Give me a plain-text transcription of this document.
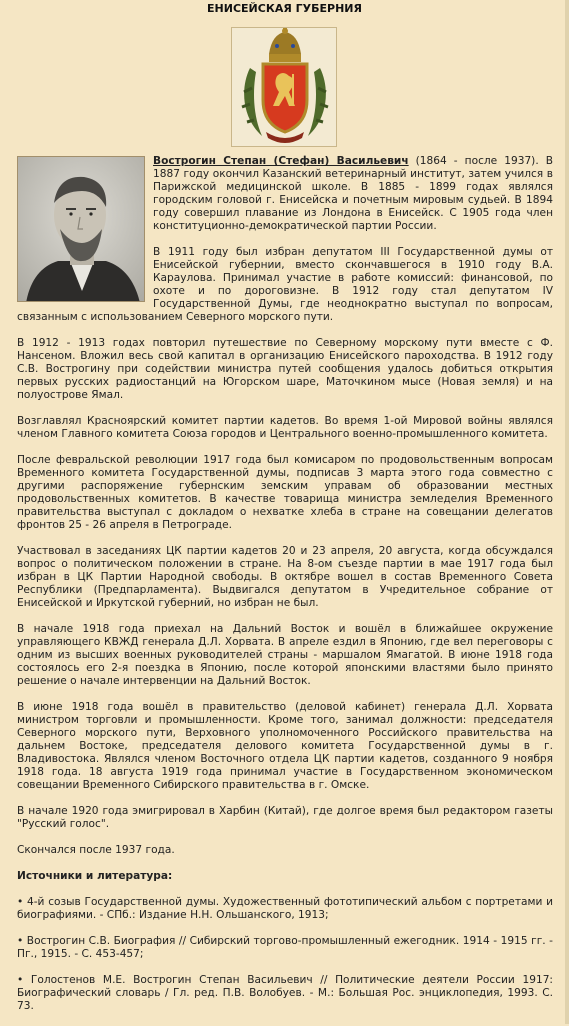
ЕНИСЕЙСКАЯ ГУБЕРНИЯ

Вострогин Степан (Стефан) Васильевич (1864 - после 1937). В 1887 году окончил Казанский ветеринарный институт, затем учился в Парижской медицинской школе. В 1885 - 1899 годах являлся городским головой г. Енисейска и почетным мировым судьей. В 1894 году совершил плавание из Лондона в Енисейск. С 1905 года член конституционно-демократической партии России.

В 1911 году был избран депутатом III Государственной думы от Енисейской губернии, вместо скончавшегося в 1910 году В.А. Караулова. Принимал участие в работе комиссий: финансовой, по охоте и по дороговизне. В 1912 году стал депутатом IV Государственной Думы, где неоднократно выступал по вопросам, связанным с использованием Северного морского пути.

В 1912 - 1913 годах повторил путешествие по Северному морскому пути вместе с Ф. Нансеном. Вложил весь свой капитал в организацию Енисейского пароходства. В 1912 году С.В. Вострогину при содействии министра путей сообщения удалось добиться открытия первых русских радиостанций на Югорском шаре, Маточкином мысе (Новая земля) и на полуострове Ямал.

Возглавлял Красноярский комитет партии кадетов. Во время 1-ой Мировой войны являлся членом Главного комитета Союза городов и Центрального военно-промышленного комитета.

После февральской революции 1917 года был комисаром по продовольственным вопросам Временного комитета Государственной думы, подписав 3 марта этого года совместно с другими распоряжение губернским земским управам об образовании местных продовольственных комитетов. В качестве товарища министра земледелия Временного правительства выступал с докладом о нехватке хлеба в стране на совещании делегатов фронтов 25 - 26 апреля в Петрограде.

Участвовал в заседаниях ЦК партии кадетов 20 и 23 апреля, 20 августа, когда обсуждался вопрос о политическом положении в стране. На 8-ом съезде партии в мае 1917 года был избран в ЦК Партии Народной свободы. В октябре вошел в состав Временного Совета Республики (Предпарламента). Выдвигался депутатом в Учредительное собрание от Енисейской и Иркутской губерний, но избран не был.

В начале 1918 года приехал на Дальний Восток и вошёл в ближайшее окружение управляющего КВЖД генерала Д.Л. Хорвата. В апреле ездил в Японию, где вел переговоры с одним из высших военных руководителей страны - маршалом Ямагатой. В июне 1918 года состоялось его 2-я поездка в Японию, после которой японскими властями было принято решение о начале интервенции на Дальний Восток.

В июне 1918 года вошёл в правительство (деловой кабинет) генерала Д.Л. Хорвата министром торговли и промышленности. Кроме того, занимал должности: председателя Северного морского пути, Верховного уполномоченного Российского правительства на дальнем Востоке, председателя делового комитета Государственной думы в г. Владивостока. Являлся членом Восточного отдела ЦК партии кадетов, созданного 9 ноября 1918 года. 18 августа 1919 года принимал участие в Государственном экономическом совещании Временного Сибирского правительства в г. Омске.

В начале 1920 года эмигрировал в Харбин (Китай), где долгое время был редактором газеты "Русский голос".

Скончался после 1937 года.

Источники и литература:

• 4-й созыв Государственной думы. Художественный фототипический альбом с портретами и биографиями. - СПб.: Издание Н.Н. Ольшанского, 1913;

• Вострогин С.В. Биография // Сибирский торгово-промышленный ежегодник. 1914 - 1915 гг. - Пг., 1915. - С. 453-457;

• Голостенов М.Е. Вострогин Степан Васильевич // Политические деятели России 1917: Биографический словарь / Гл. ред. П.В. Волобуев. - М.: Большая Рос. энциклопедия, 1993. С. 73.
